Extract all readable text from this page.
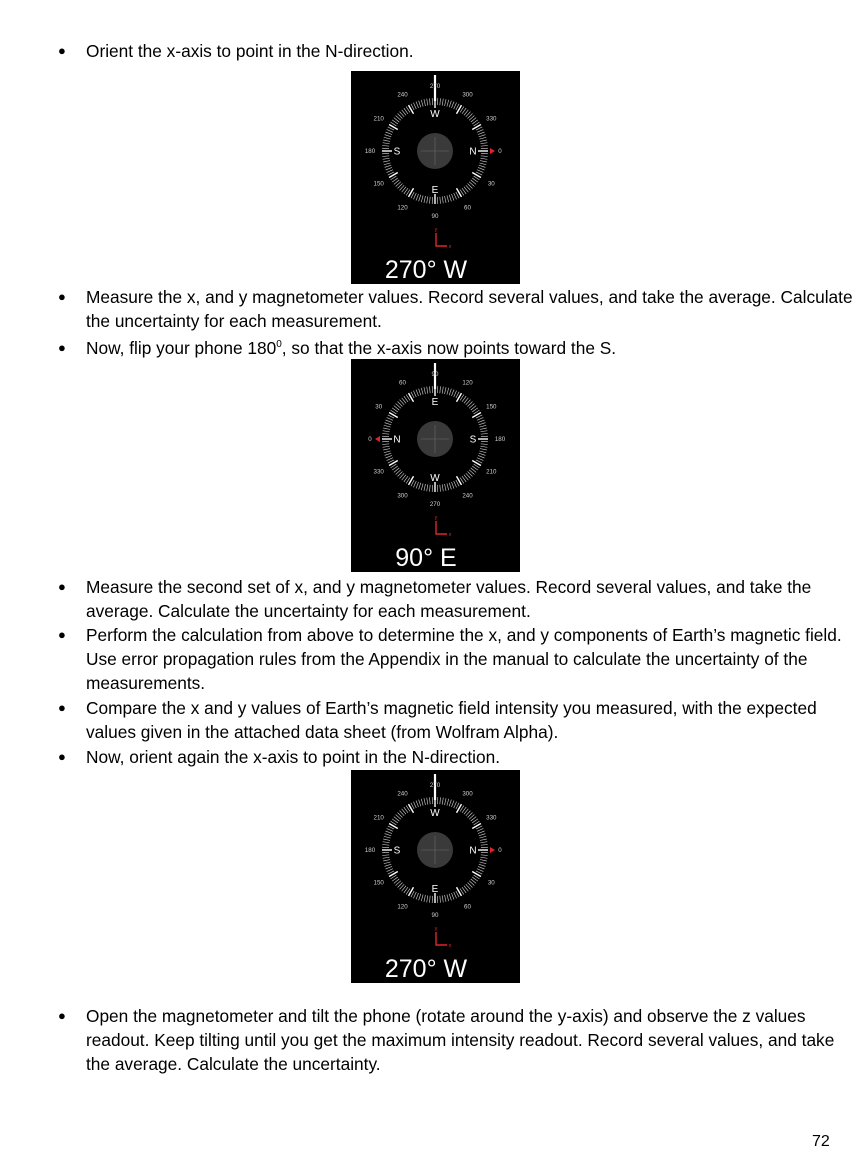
●	Orient the x-axis to point in the N-direction.
270
300
330
0
30
60
90
120
150
180
210
240
W
N
E
S
y
x
270° W
●	Measure the x, and y magnetometer values. Record several values, and take the average. Calculate the uncertainty for each measurement.
●	Now, flip your phone $180^0$, so that the x-axis now points toward the S.
90
120
150
180
210
240
270
300
330
0
30
60
E
S
W
N
y
x
90° E
●	Measure the second set of x, and y magnetometer values. Record several values, and take the average. Calculate the uncertainty for each measurement.
●	Perform the calculation from above to determine the x, and y components of Earth’s magnetic field. Use error propagation rules from the Appendix in the manual to calculate the uncertainty of the measurements.
●	Compare the x and y values of Earth’s magnetic field intensity you measured, with the expected values given in the attached data sheet (from Wolfram Alpha).
●	Now, orient again the x-axis to point in the N-direction.
270
300
330
0
30
60
90
120
150
180
210
240
W
N
E
S
y
x
270° W
●	Open the magnetometer and tilt the phone (rotate around the y-axis) and observe the z values readout. Keep tilting until you get the maximum intensity readout. Record several values, and take the average. Calculate the uncertainty.
72
